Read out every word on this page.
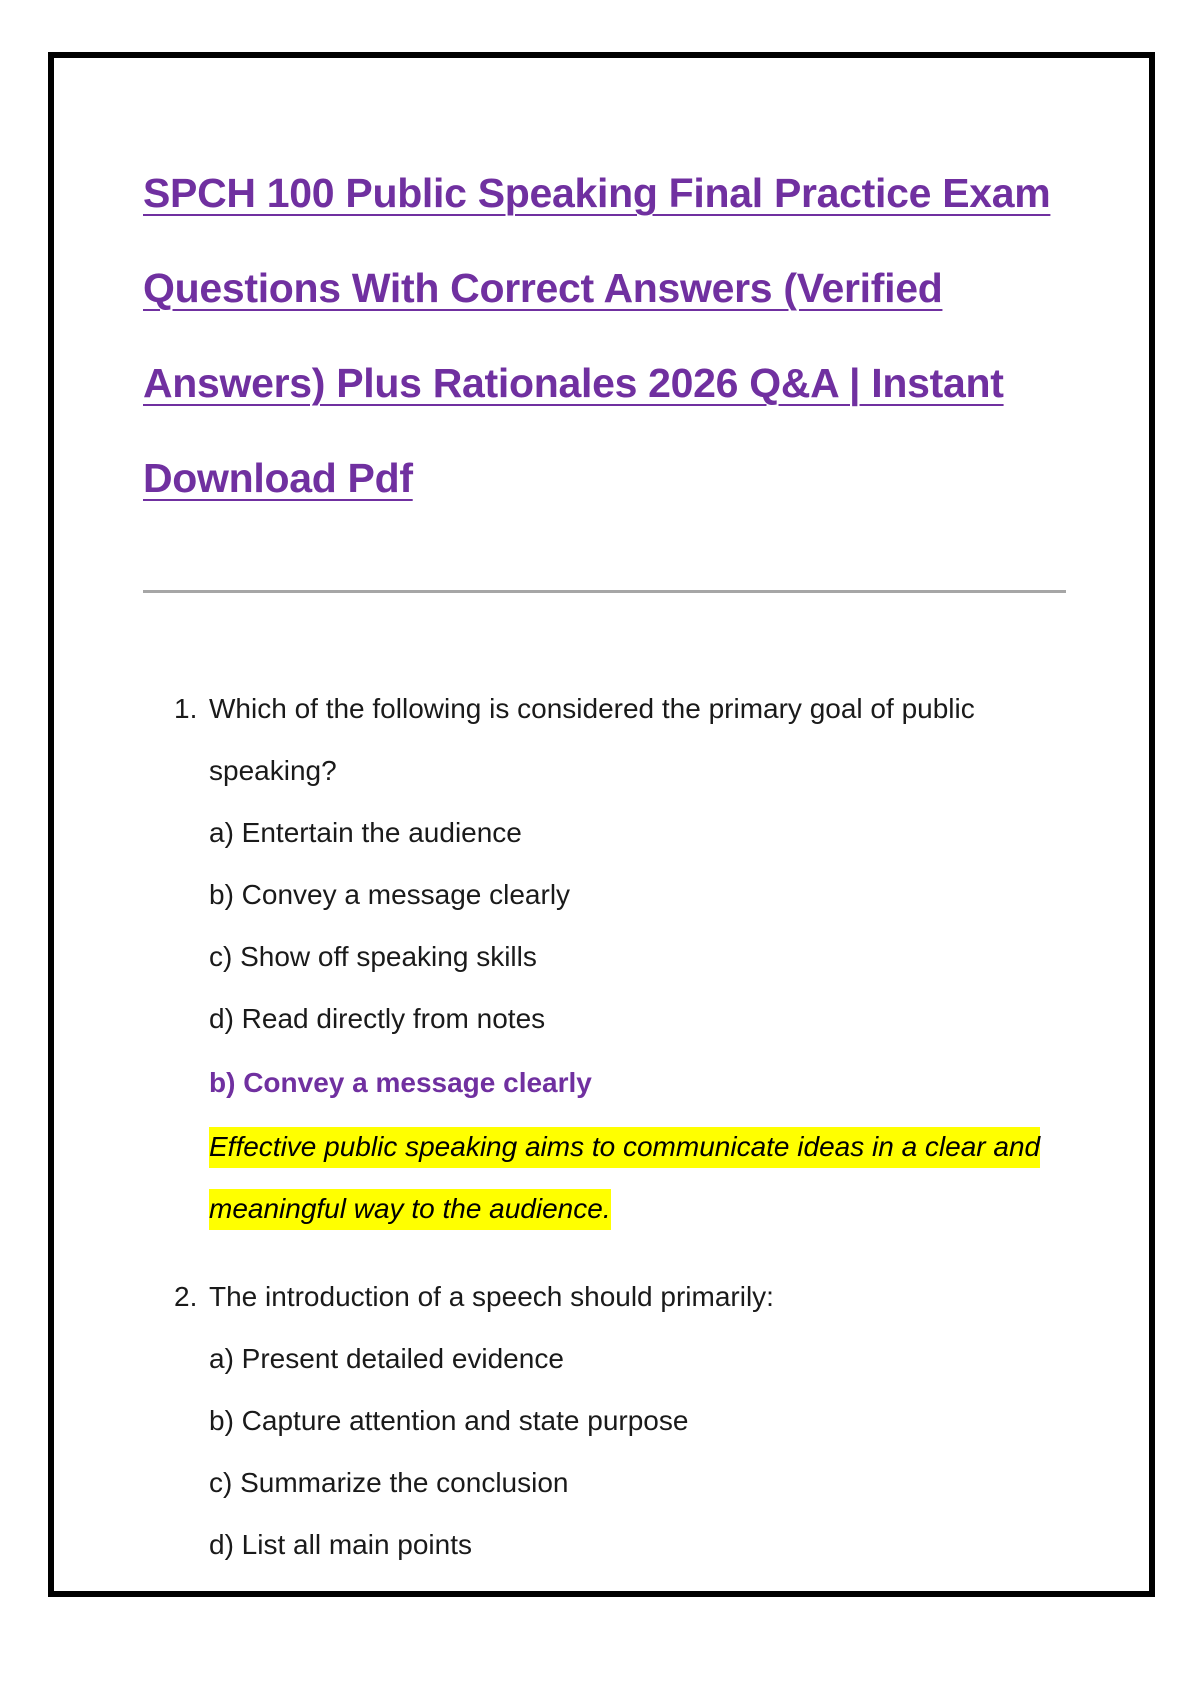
SPCH 100 Public Speaking Final Practice Exam
Questions With Correct Answers (Verified
Answers) Plus Rationales 2026 Q&A | Instant
Download Pdf
1. Which of the following is considered the primary goal of public speaking?
a) Entertain the audience
b) Convey a message clearly
c) Show off speaking skills
d) Read directly from notes
b) Convey a message clearly
Effective public speaking aims to communicate ideas in a clear and meaningful way to the audience.
2. The introduction of a speech should primarily:
a) Present detailed evidence
b) Capture attention and state purpose
c) Summarize the conclusion
d) List all main points
